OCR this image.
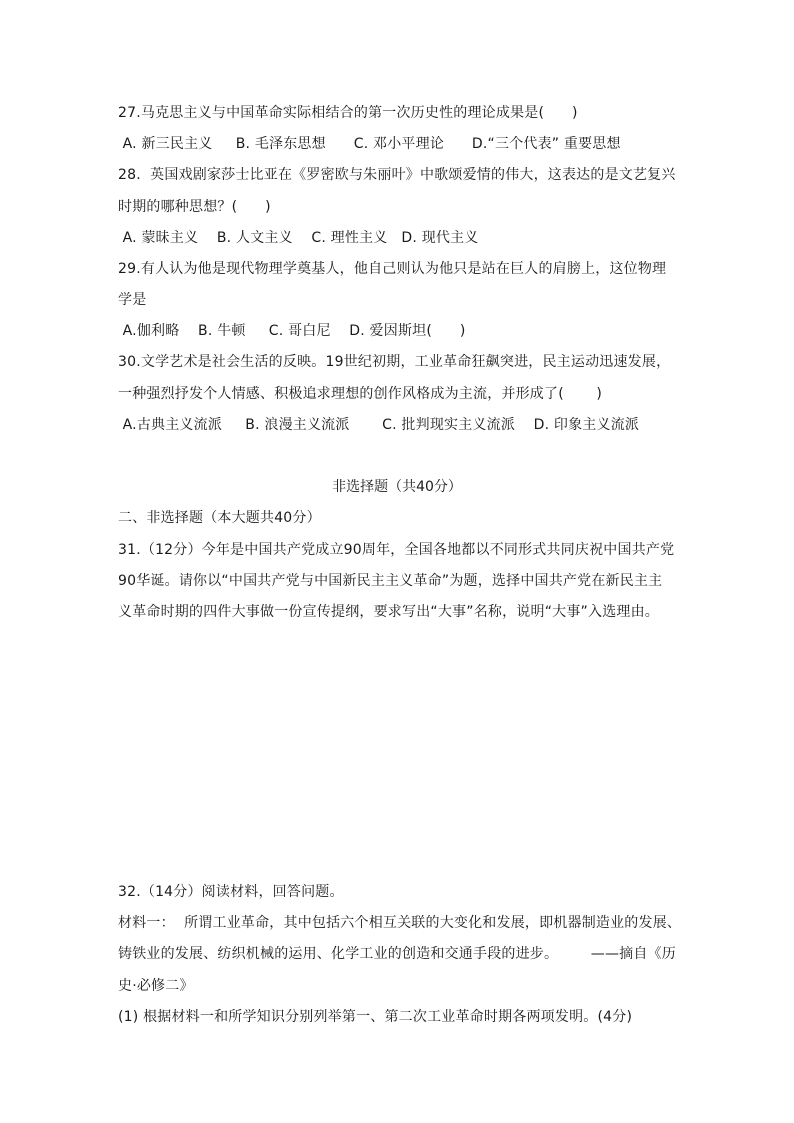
27.马克思主义与中国革命实际相结合的第一次历史性的理论成果是(      )
A. 新三民主义     B. 毛泽东思想      C. 邓小平理论      D.“三个代表” 重要思想
28.  英国戏剧家莎士比亚在《罗密欧与朱丽叶》中歌颂爱情的伟大，这表达的是文艺复兴
时期的哪种思想？(      )
A. 蒙昧主义    B. 人文主义    C. 理性主义   D. 现代主义
29.有人认为他是现代物理学奠基人，他自己则认为他只是站在巨人的肩膀上，这位物理
学是
A.伽利略    B. 牛顿     C. 哥白尼    D. 爱因斯坦(      )
30.文学艺术是社会生活的反映。19世纪初期，工业革命狂飙突进，民主运动迅速发展，
一种强烈抒发个人情感、积极追求理想的创作风格成为主流，并形成了(       )
A.古典主义流派     B. 浪漫主义流派       C. 批判现实主义流派    D. 印象主义流派
非选择题（共40分）
二、非选择题（本大题共40分）
31.（12分）今年是中国共产党成立90周年，全国各地都以不同形式共同庆祝中国共产党
90华诞。请你以“中国共产党与中国新民主主义革命”为题，选择中国共产党在新民主主
义革命时期的四件大事做一份宣传提纲，要求写出“大事”名称，说明“大事”入选理由。
32.（14分）阅读材料，回答问题。
材料一：  所谓工业革命，其中包括六个相互关联的大变化和发展，即机器制造业的发展、
铸铁业的发展、纺织机械的运用、化学工业的创造和交通手段的进步。       ——摘自《历
史·必修二》
(1) 根据材料一和所学知识分别列举第一、第二次工业革命时期各两项发明。(4分)
